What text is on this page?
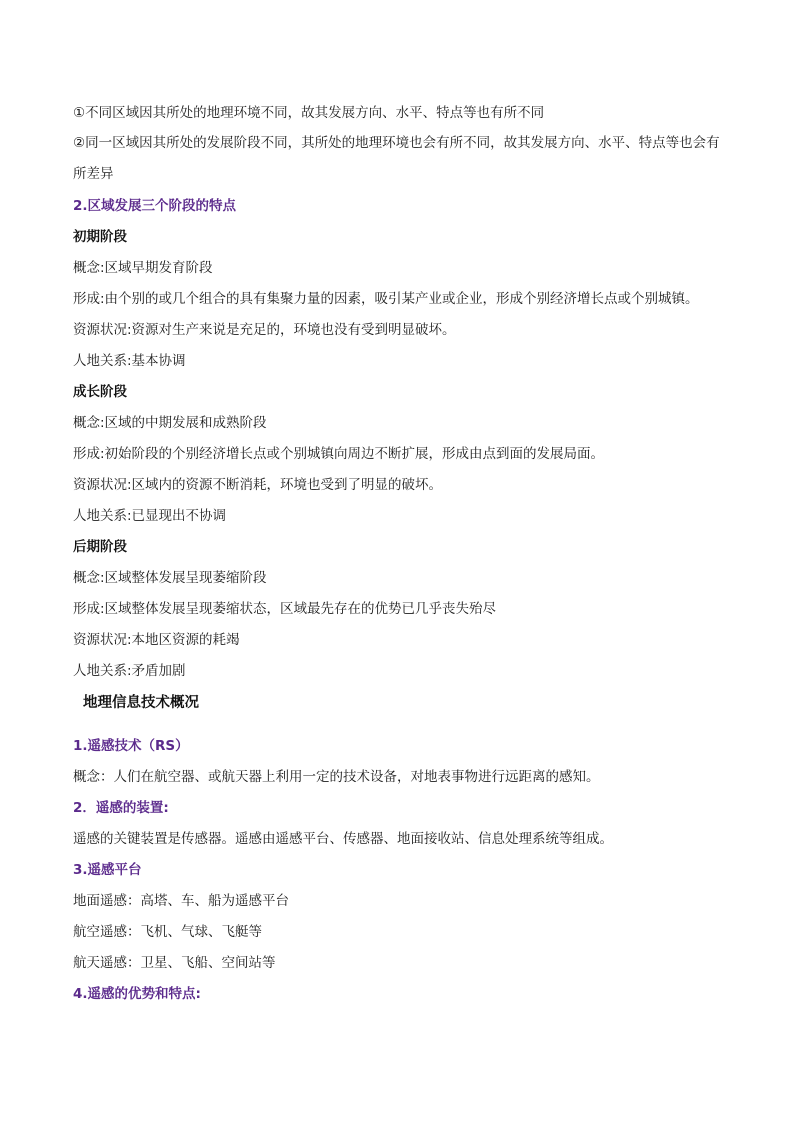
①不同区域因其所处的地理环境不同，故其发展方向、水平、特点等也有所不同
②同一区域因其所处的发展阶段不同，其所处的地理环境也会有所不同，故其发展方向、水平、特点等也会有所差异
2.区域发展三个阶段的特点
初期阶段
概念:区域早期发育阶段
形成:由个别的或几个组合的具有集聚力量的因素，吸引某产业或企业，形成个别经济增长点或个别城镇。
资源状况:资源对生产来说是充足的，环境也没有受到明显破坏。
人地关系:基本协调
成长阶段
概念:区域的中期发展和成熟阶段
形成:初始阶段的个别经济增长点或个别城镇向周边不断扩展，形成由点到面的发展局面。
资源状况:区域内的资源不断消耗，环境也受到了明显的破坏。
人地关系:已显现出不协调
后期阶段
概念:区域整体发展呈现萎缩阶段
形成:区域整体发展呈现萎缩状态，区域最先存在的优势已几乎丧失殆尽
资源状况:本地区资源的耗竭
人地关系:矛盾加剧
地理信息技术概况
1.遥感技术（RS）
概念：人们在航空器、或航天器上利用一定的技术设备，对地表事物进行远距离的感知。
2．遥感的装置:
遥感的关键装置是传感器。遥感由遥感平台、传感器、地面接收站、信息处理系统等组成。
3.遥感平台
地面遥感：高塔、车、船为遥感平台
航空遥感：飞机、气球、飞艇等
航天遥感：卫星、飞船、空间站等
4.遥感的优势和特点:
